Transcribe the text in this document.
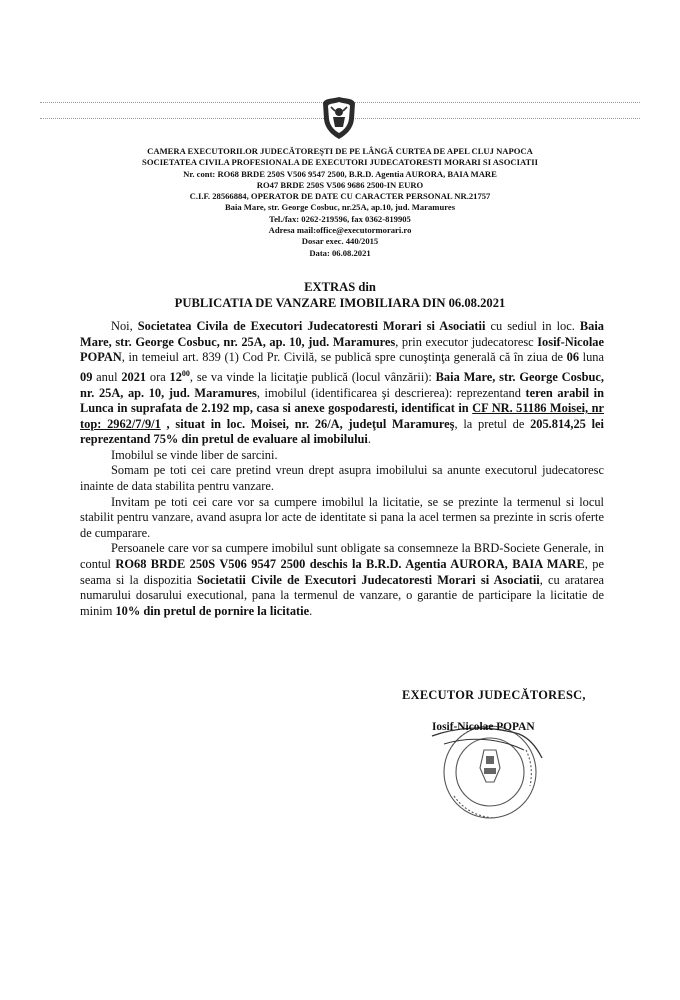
CAMERA EXECUTORILOR JUDECĂTOREŞTI DE PE LÂNGĂ CURTEA DE APEL CLUJ NAPOCA
SOCIETATEA CIVILA PROFESIONALA DE EXECUTORI JUDECATORESTI MORARI SI ASOCIATII
Nr. cont: RO68 BRDE 250S V506 9547 2500, B.R.D. Agentia AURORA, BAIA MARE
RO47 BRDE 250S V506 9686 2500-IN EURO
C.I.F. 28566884, OPERATOR DE DATE CU CARACTER PERSONAL NR.21757
Baia Mare, str. George Cosbuc, nr.25A, ap.10, jud. Maramures
Tel./fax: 0262-219596, fax 0362-819905
Adresa mail:office@executormorari.ro
Dosar exec. 440/2015
Data: 06.08.2021
EXTRAS din
PUBLICATIA DE VANZARE IMOBILIARA DIN 06.08.2021

Noi, Societatea Civila de Executori Judecatoresti Morari si Asociatii cu sediul in loc. Baia Mare, str. George Cosbuc, nr. 25A, ap. 10, jud. Maramures, prin executor judecatoresc Iosif-Nicolae POPAN, in temeiul art. 839 (1) Cod Pr. Civilă, se publică spre cunoştinţa generală că în ziua de 06 luna 09 anul 2021 ora $12^{00}$, se va vinde la licitaţie publică (locul vânzării): Baia Mare, str. George Cosbuc, nr. 25A, ap. 10, jud. Maramures, imobilul (identificarea şi descrierea): reprezentand teren arabil in Lunca in suprafata de 2.192 mp, casa si anexe gospodaresti, identificat in CF NR. 51186 Moisei, nr top: 2962/7/9/1 , situat in loc. Moisei, nr. 26/A, judeţul Maramureş, la pretul de 205.814,25 lei reprezentand 75% din pretul de evaluare al imobilului.

Imobilul se vinde liber de sarcini.

Somam pe toti cei care pretind vreun drept asupra imobilului sa anunte executorul judecatoresc inainte de data stabilita pentru vanzare.

Invitam pe toti cei care vor sa cumpere imobilul la licitatie, se se prezinte la termenul si locul stabilit pentru vanzare, avand asupra lor acte de identitate si pana la acel termen sa prezinte in scris oferte de cumparare.

Persoanele care vor sa cumpere imobilul sunt obligate sa consemneze la BRD-Societe Generale, in contul RO68 BRDE 250S V506 9547 2500 deschis la B.R.D. Agentia AURORA, BAIA MARE, pe seama si la dispozitia Societatii Civile de Executori Judecatoresti Morari si Asociatii, cu aratarea numarului dosarului executional, pana la termenul de vanzare, o garantie de participare la licitatie de minim 10% din pretul de pornire la licitatie.

EXECUTOR JUDECĂTORESC,
Iosif-Nicolae POPAN
